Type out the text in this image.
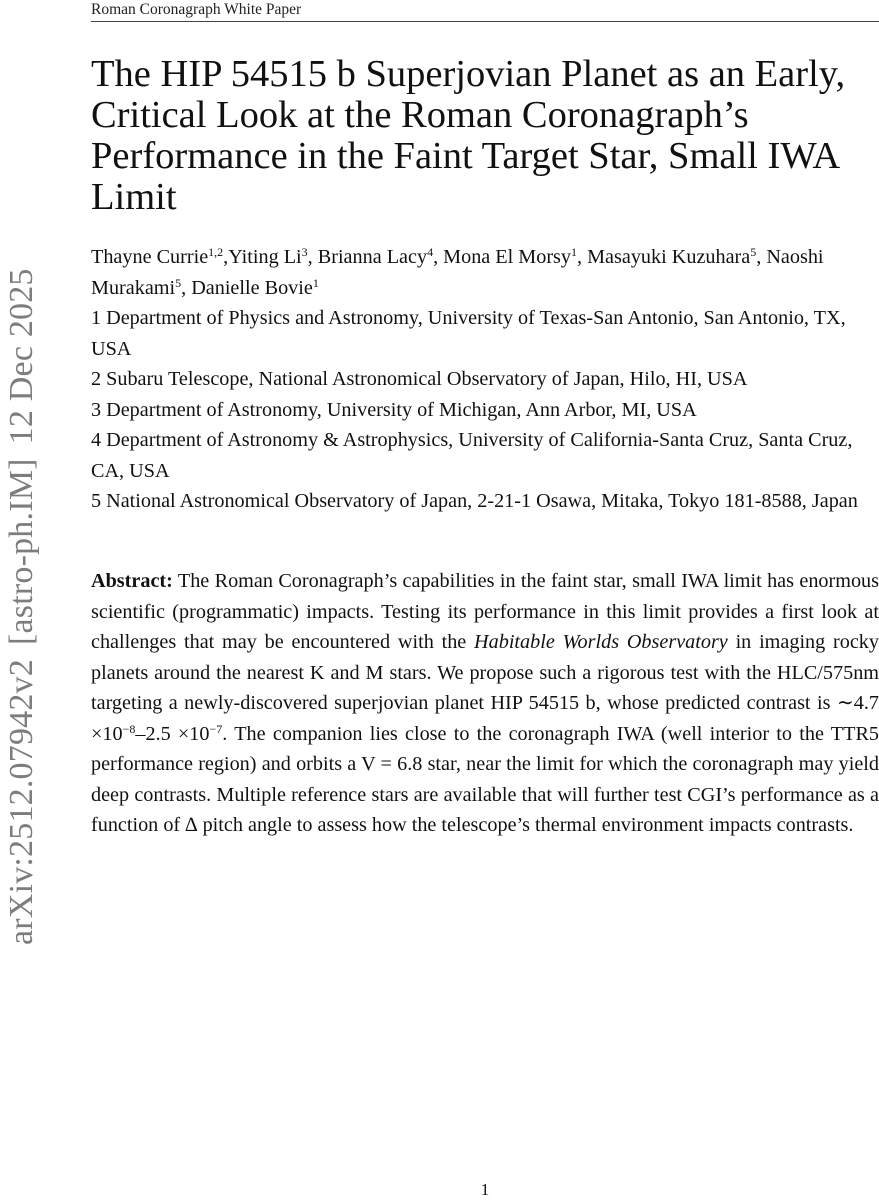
Roman Coronagraph White Paper
arXiv:2512.07942v2[astro-ph.IM]12 Dec 2025
The HIP 54515 b Superjovian Planet as an Early, Critical Look at the Roman Coronagraph’s Performance in the Faint Target Star, Small IWA Limit
Thayne Currie$^{1,2}$,Yiting Li$^3$, Brianna Lacy$^4$, Mona El Morsy$^1$, Masayuki Kuzuhara$^5$, Naoshi Murakami$^5$, Danielle Bovie$^1$
1 Department of Physics and Astronomy, University of Texas-San Antonio, San Antonio, TX, USA
2 Subaru Telescope, National Astronomical Observatory of Japan, Hilo, HI, USA
3 Department of Astronomy, University of Michigan, Ann Arbor, MI, USA
4 Department of Astronomy & Astrophysics, University of California-Santa Cruz, Santa Cruz, CA, USA
5 National Astronomical Observatory of Japan, 2-21-1 Osawa, Mitaka, Tokyo 181-8588, Japan
Abstract: The Roman Coronagraph’s capabilities in the faint star, small IWA limit has enormous scientific (programmatic) impacts. Testing its performance in this limit provides a first look at challenges that may be encountered with the Habitable Worlds Observatory in imaging rocky planets around the nearest K and M stars. We propose such a rigorous test with the HLC/575nm targeting a newly-discovered superjovian planet HIP 54515 b, whose predicted contrast is ∼4.7 $\times 10^{-8}-2.5 \times 10^{-7}$. The companion lies close to the coronagraph IWA (well interior to the TTR5 performance region) and orbits a V = 6.8 star, near the limit for which the coronagraph may yield deep contrasts. Multiple reference stars are available that will further test CGI’s performance as a function of ∆ pitch angle to assess how the telescope’s thermal environment impacts contrasts.
1
